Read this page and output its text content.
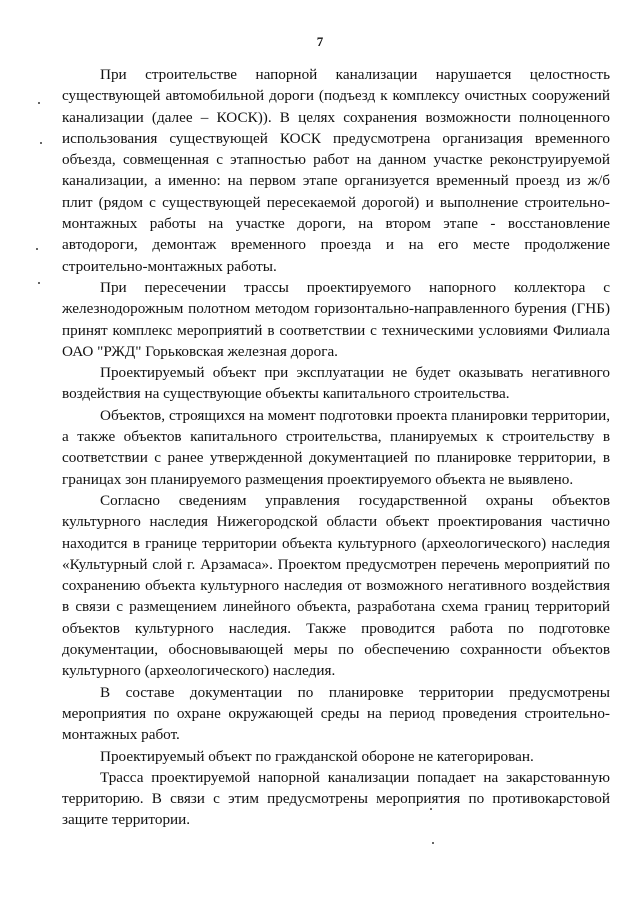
7

При строительстве напорной канализации нарушается целостность существующей автомобильной дороги (подъезд к комплексу очистных сооружений канализации (далее – КОСК)). В целях сохранения возможности полноценного использования существующей КОСК предусмотрена организация временного объезда, совмещенная с этапностью работ на данном участке реконструируемой канализации, а именно: на первом этапе организуется временный проезд из ж/б плит (рядом с существующей пересекаемой дорогой) и выполнение строительно-монтажных работы на участке дороги, на втором этапе - восстановление автодороги, демонтаж временного проезда и на его месте продолжение строительно-монтажных работы.

При пересечении трассы проектируемого напорного коллектора с железнодорожным полотном методом горизонтально-направленного бурения (ГНБ) принят комплекс мероприятий в соответствии с техническими условиями Филиала ОАО "РЖД" Горьковская железная дорога.

Проектируемый объект при эксплуатации не будет оказывать негативного воздействия на существующие объекты капитального строительства.

Объектов, строящихся на момент подготовки проекта планировки территории, а также объектов капитального строительства, планируемых к строительству в соответствии с ранее утвержденной документацией по планировке территории, в границах зон планируемого размещения проектируемого объекта не выявлено.

Согласно сведениям управления государственной охраны объектов культурного наследия Нижегородской области объект проектирования частично находится в границе территории объекта культурного (археологического) наследия «Культурный слой г. Арзамаса». Проектом предусмотрен перечень мероприятий по сохранению объекта культурного наследия от возможного негативного воздействия в связи с размещением линейного объекта, разработана схема границ территорий объектов культурного наследия. Также проводится работа по подготовке документации, обосновывающей меры по обеспечению сохранности объектов культурного (археологического) наследия.

В составе документации по планировке территории предусмотрены мероприятия по охране окружающей среды на период проведения строительно-монтажных работ.

Проектируемый объект по гражданской обороне не категорирован.

Трасса проектируемой напорной канализации попадает на закарстованную территорию. В связи с этим предусмотрены мероприятия по противокарстовой защите территории.
